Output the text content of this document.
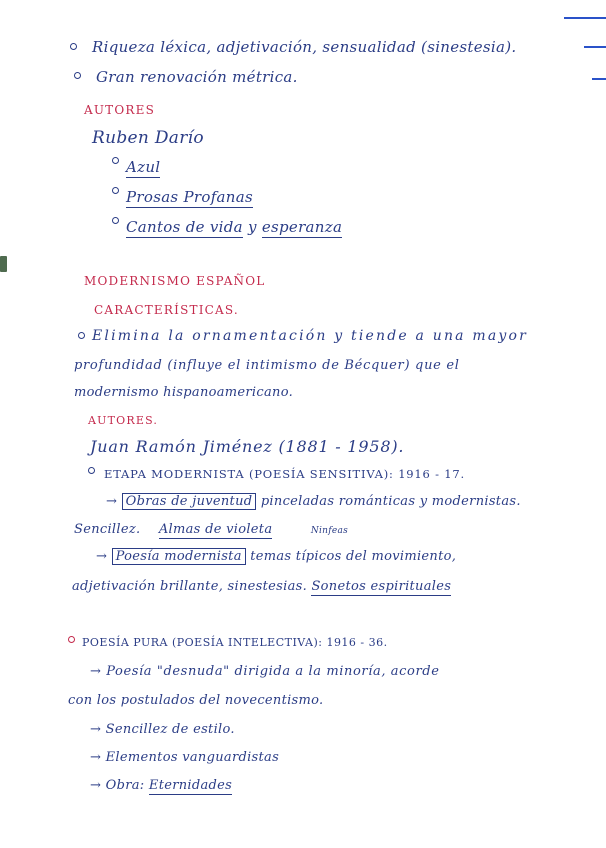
Riqueza léxica, adjetivación, sensualidad (sinestesia).
Gran renovación métrica.
AUTORES
Ruben Darío
Azul
Prosas Profanas
Cantos de vida y esperanza
MODERNISMO ESPAÑOL
CARACTERÍSTICAS.
Elimina la ornamentación y tiende a una mayor
profundidad (influye el intimismo de Bécquer) que el
modernismo hispanoamericano.
AUTORES.
Juan Ramón Jiménez (1881 - 1958).
ETAPA MODERNISTA (POESÍA SENSITIVA): 1916 - 17.
→ Obras de juventud pinceladas románticas y modernistas.
Sencillez. Almas de violeta	Ninfeas
→ Poesía modernista temas típicos del movimiento,
adjetivación brillante, sinestesias. Sonetos espirituales
POESÍA PURA (POESÍA INTELECTIVA): 1916 - 36.
→ Poesía "desnuda" dirigida a la minoría, acorde
con los postulados del novecentismo.
→ Sencillez de estilo.
→ Elementos vanguardistas
→ Obra: Eternidades
